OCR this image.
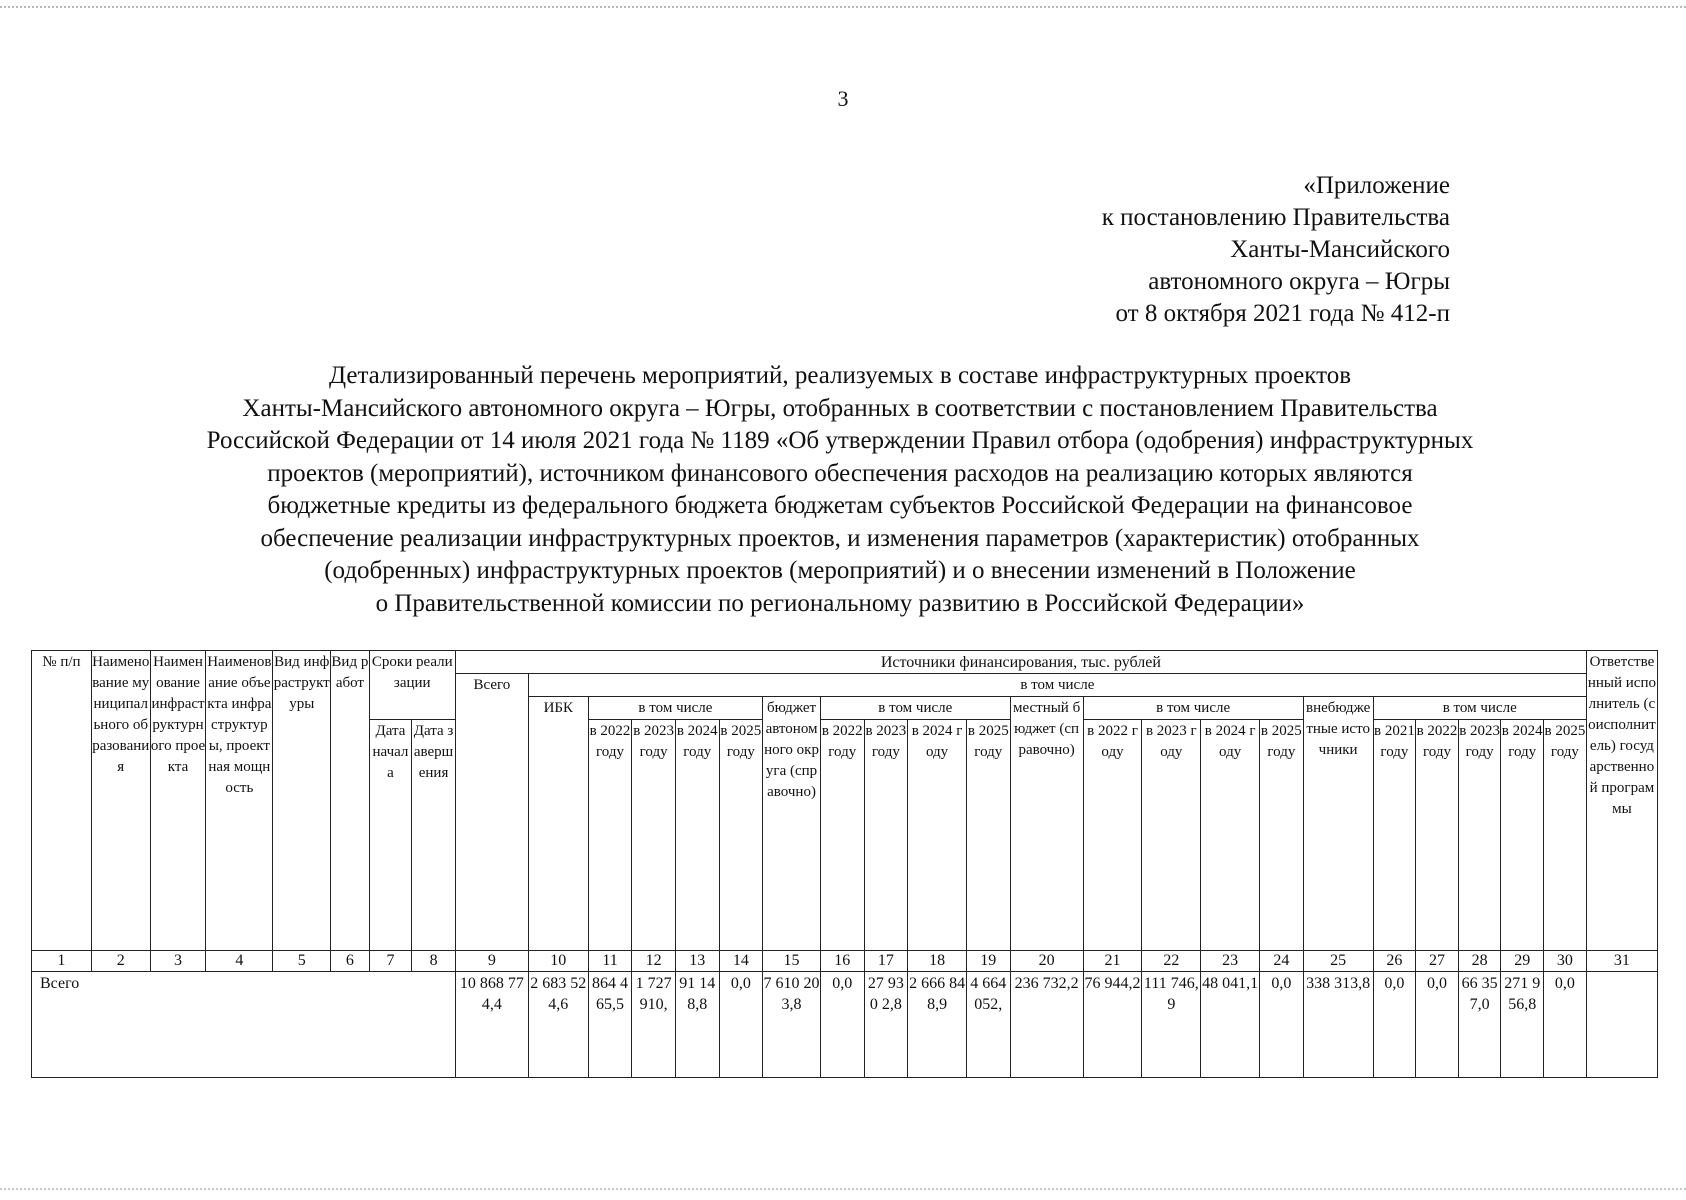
3
«Приложение
к постановлению Правительства
Ханты-Мансийского
автономного округа – Югры
от 8 октября 2021 года № 412-п
Детализированный перечень мероприятий, реализуемых в составе инфраструктурных проектов
Ханты-Мансийского автономного округа – Югры, отобранных в соответствии с постановлением Правительства
Российской Федерации от 14 июля 2021 года № 1189 «Об утверждении Правил отбора (одобрения) инфраструктурных
проектов (мероприятий), источником финансового обеспечения расходов на реализацию которых являются
бюджетные кредиты из федерального бюджета бюджетам субъектов Российской Федерации на финансовое
обеспечение реализации инфраструктурных проектов, и изменения параметров (характеристик) отобранных
(одобренных) инфраструктурных проектов (мероприятий) и о внесении изменений в Положение
о Правительственной комиссии по региональному развитию в Российской Федерации»
№ п/п	Наименование муниципального образования	Наименование инфраструктурного проекта	Наименование объекта инфраструктуры, проектная мощность	Вид инфраструктуры	Вид работ	Сроки реализации		Источники финансирования, тыс. рублей																						Ответственный исполнитель (соисполнитель) государственной программы
								Всего	в том числе																					
									ИБК	в том числе				бюджет автономного округа (справочно)	в том числе				местный бюджет (справочно)	в том числе				внебюджетные источники	в том числе					
						Дата начала	Дата завершения			в 2022 году	в 2023 году	в 2024 году	в 2025 году		в 2022 году	в 2023 году	в 2024 году	в 2025 году		в 2022 году	в 2023 году	в 2024 году	в 2025 году		в 2021 году	в 2022 году	в 2023 году	в 2024 году	в 2025 году	
1	2	3	4	5	6	7	8	9	10	11	12	13	14	15	16	17	18	19	20	21	22	23	24	25	26	27	28	29	30	31
Всего								10 868 774,4	2 683 524,6	864 465,5	1 727 910,	91 148,8	0,0	7 610 203,8	0,0	27 930 2,8	2 666 848,9	4 664 052,	236 732,2	76 944,2	111 746,9	48 041,1	0,0	338 313,8	0,0	0,0	66 357,0	271 956,8	0,0	
